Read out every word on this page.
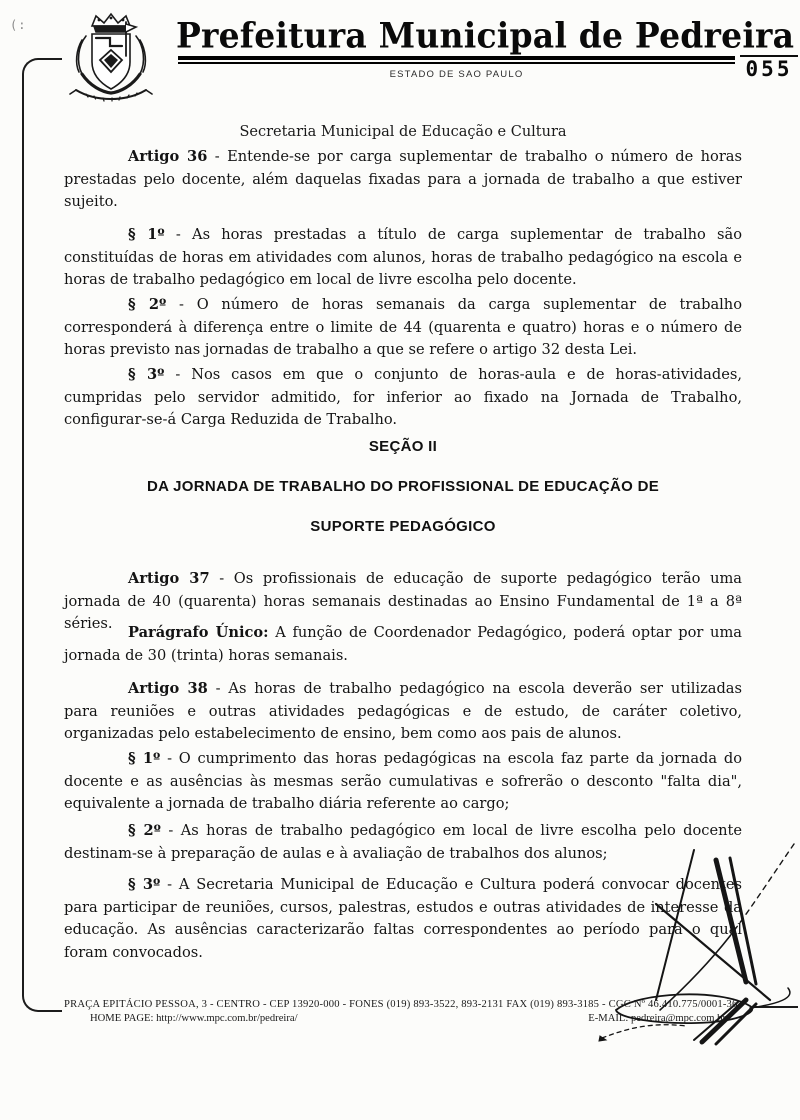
(:	Prefeitura Municipal de Pedreira
ESTADO DE SAO PAULO	055
Secretaria Municipal de Educação e Cultura

Artigo 36 - Entende-se por carga suplementar de trabalho o número de horas prestadas pelo docente, além daquelas fixadas para a jornada de trabalho a que estiver sujeito.

§ 1º - As horas prestadas a título de carga suplementar de trabalho são constituídas de horas em atividades com alunos, horas de trabalho pedagógico na escola e horas de trabalho pedagógico em local de livre escolha pelo docente.

§ 2º - O número de horas semanais da carga suplementar de trabalho corresponderá à diferença entre o limite de 44 (quarenta e quatro) horas e o número de horas previsto nas jornadas de trabalho a que se refere o artigo 32 desta Lei.

§ 3º - Nos casos em que o conjunto de horas-aula e de horas-atividades, cumpridas pelo servidor admitido, for inferior ao fixado na Jornada de Trabalho, configurar-se-á Carga Reduzida de Trabalho.

SEÇÃO II
DA JORNADA DE TRABALHO DO PROFISSIONAL DE EDUCAÇÃO DE
SUPORTE PEDAGÓGICO

Artigo 37 - Os profissionais de educação de suporte pedagógico terão uma jornada de 40 (quarenta) horas semanais destinadas ao Ensino Fundamental de 1ª a 8ª séries.

Parágrafo Único: A função de Coordenador Pedagógico, poderá optar por uma jornada de 30 (trinta) horas semanais.

Artigo 38 - As horas de trabalho pedagógico na escola deverão ser utilizadas para reuniões e outras atividades pedagógicas e de estudo, de caráter coletivo, organizadas pelo estabelecimento de ensino, bem como aos pais de alunos.

§ 1º - O cumprimento das horas pedagógicas na escola faz parte da jornada do docente e as ausências às mesmas serão cumulativas e sofrerão o desconto "falta dia", equivalente a jornada de trabalho diária referente ao cargo;

§ 2º - As horas de trabalho pedagógico em local de livre escolha pelo docente destinam-se à preparação de aulas e à avaliação de trabalhos dos alunos;

§ 3º - A Secretaria Municipal de Educação e Cultura poderá convocar docentes para participar de reuniões, cursos, palestras, estudos e outras atividades de interesse da educação. As ausências caracterizarão faltas correspondentes ao período para o qual foram convocados.

PRAÇA EPITÁCIO PESSOA, 3 - CENTRO - CEP 13920-000 - FONES (019) 893-3522, 893-2131 FAX (019) 893-3185 - CGC Nº 46.410.775/0001-36
HOME PAGE: http://www.mpc.com.br/pedreira/	E-MAIL: pedreira@mpc.com.br
